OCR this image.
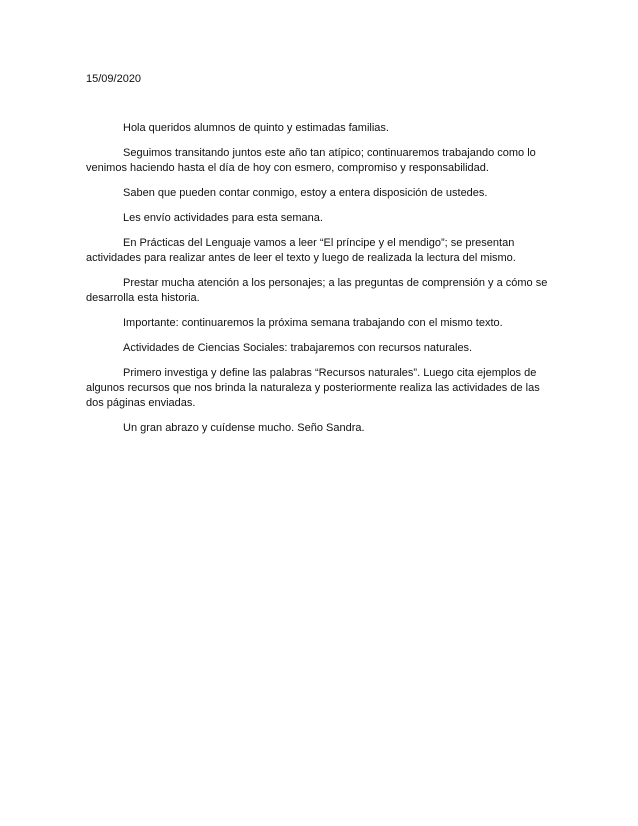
15/09/2020

Hola queridos alumnos de quinto y estimadas familias.

Seguimos transitando juntos este año tan atípico; continuaremos trabajando como lo venimos haciendo hasta el día de hoy con esmero, compromiso y responsabilidad.

Saben que pueden contar conmigo, estoy a entera disposición de ustedes.

Les envío actividades para esta semana.

En Prácticas del Lenguaje vamos a leer “El príncipe y el mendigo”; se presentan actividades para realizar antes de leer el texto y luego de realizada la lectura del mismo.

Prestar mucha atención a los personajes; a las preguntas de comprensión y a cómo se desarrolla esta historia.

Importante: continuaremos la próxima semana trabajando con el mismo texto.

Actividades de Ciencias Sociales: trabajaremos con recursos naturales.

Primero investiga y define las palabras “Recursos naturales”. Luego cita ejemplos de algunos recursos que nos brinda la naturaleza y posteriormente realiza las actividades de las dos páginas enviadas.

Un gran abrazo y cuídense mucho. Seño Sandra.
